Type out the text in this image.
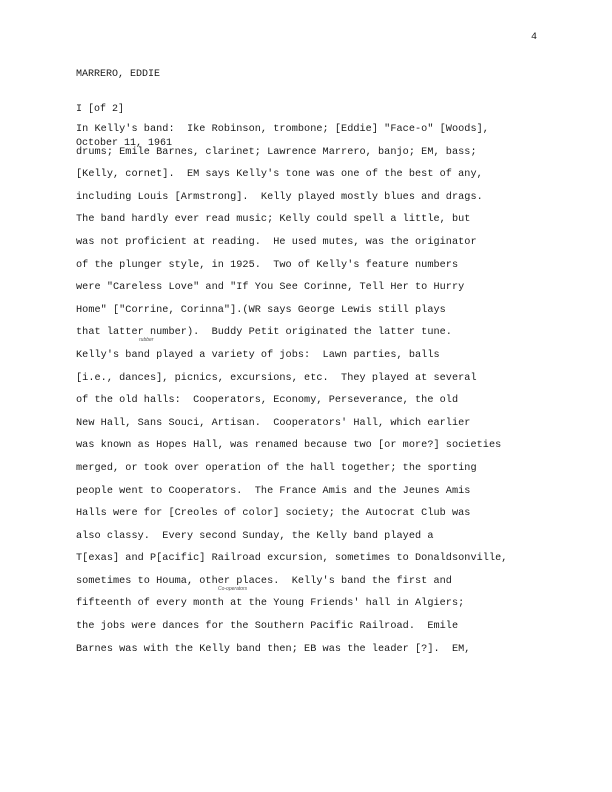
4

MARRERO, EDDIE

I [of 2]

October 11, 1961

rubber
Co-operators
In Kelly's band:  Ike Robinson, trombone; [Eddie] "Face-o" [Woods],
drums; Emile Barnes, clarinet; Lawrence Marrero, banjo; EM, bass;
[Kelly, cornet].  EM says Kelly's tone was one of the best of any,
including Louis [Armstrong].  Kelly played mostly blues and drags.
The band hardly ever read music; Kelly could spell a little, but
was not proficient at reading.  He used mutes, was the originator
of the plunger style, in 1925.  Two of Kelly's feature numbers
were "Careless Love" and "If You See Corinne, Tell Her to Hurry
Home" ["Corrine, Corinna"].(WR says George Lewis still plays
that latter number).  Buddy Petit originated the latter tune.
Kelly's band played a variety of jobs:  Lawn parties, balls
[i.e., dances], picnics, excursions, etc.  They played at several
of the old halls:  Cooperators, Economy, Perseverance, the old
New Hall, Sans Souci, Artisan.  Cooperators' Hall, which earlier
was known as Hopes Hall, was renamed because two [or more?] societies
merged, or took over operation of the hall together; the sporting
people went to Cooperators.  The France Amis and the Jeunes Amis
Halls were for [Creoles of color] society; the Autocrat Club was
also classy.  Every second Sunday, the Kelly band played a
T[exas] and P[acific] Railroad excursion, sometimes to Donaldsonville,
sometimes to Houma, other places.  Kelly's band the first and
fifteenth of every month at the Young Friends' hall in Algiers;
the jobs were dances for the Southern Pacific Railroad.  Emile
Barnes was with the Kelly band then; EB was the leader [?].  EM,
